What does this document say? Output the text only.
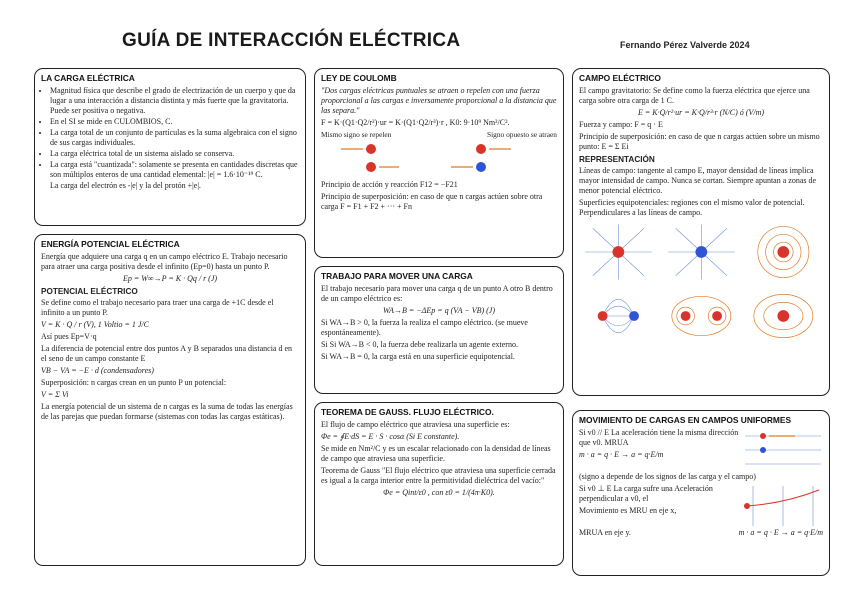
GUÍA DE INTERACCIÓN ELÉCTRICA	Fernando Pérez Valverde 2024
LA CARGA ELÉCTRICA
• Magnitud física que describe el grado de electrización de un cuerpo y que da lugar a una interacción a distancia distinta y más fuerte que la gravitatoria. Puede ser positiva o negativa.
• En el SI se mide en CULOMBIOS, C.
• La carga total de un conjunto de partículas es la suma algebraica con el signo de sus cargas individuales.
• La carga eléctrica total de un sistema aislado se conserva.
• La carga está "cuantizada": solamente se presenta en cantidades discretas que son múltiplos enteros de una cantidad elemental: |e| = 1.6·10⁻¹⁹ C.

La carga del electrón es -|e| y la del protón +|e|.

ENERGÍA POTENCIAL ELÉCTRICA

Energía que adquiere una carga q en un campo eléctrico E. Trabajo necesario para atraer una carga positiva desde el infinito (Ep=0) hasta un punto P.

Ep = W∞→P = K · Qq / r (J)

POTENCIAL ELÉCTRICO

Se define como el trabajo necesario para traer una carga de +1C desde el infinito a un punto P.

V = K · Q / r (V), 1 Voltio = 1 J/C

Así pues Ep=V·q

La diferencia de potencial entre dos puntos A y B separados una distancia d en el seno de un campo constante E

VB − VA = −E · d (condensadores)

Superposición: n cargas crean en un punto P un potencial:

V = Σ Vi

La energía potencial de un sistema de n cargas es la suma de todas las energías de las parejas que puedan formarse (sistemas con todas las cargas estáticas).

LEY DE COULOMB

"Dos cargas eléctricas puntuales se atraen o repelen con una fuerza proporcional a las cargas e inversamente proporcional a la distancia que las separa."

F = K·(Q1·Q2/r²)·ur = K·(Q1·Q2/r³)·r , K0: 9·10⁹ Nm²/C².

Mismo signo se repelen	Signo opuesto se atraen

Principio de acción y reacción F12 = −F21

Principio de superposición: en caso de que n cargas actúen sobre otra carga F = F1 + F2 + ··· + Fn

TRABAJO PARA MOVER UNA CARGA

El trabajo necesario para mover una carga q de un punto A otro B dentro de un campo eléctrico es:

WA→B = −ΔEp = q (VA − VB) (J)

Si WA→B > 0, la fuerza la realiza el campo eléctrico. (se mueve espontáneamente).

Si Si WA→B < 0, la fuerza debe realizarla un agente externo.

Si WA→B = 0, la carga está en una superficie equipotencial.

TEOREMA DE GAUSS. FLUJO ELÉCTRICO.

El flujo de campo eléctrico que atraviesa una superficie es:

Φe = ∮E·dS = E · S · cosα (Si E constante).

Se mide en Nm²/C y es un escalar relacionado con la densidad de líneas de campo que atraviesa una superficie.

Teorema de Gauss "El flujo eléctrico que atraviesa una superficie cerrada es igual a la carga interior entre la permitividad dieléctrica del vacío:"

Φe = Qint/ε0 , con ε0 = 1/(4π·K0).

CAMPO ELÉCTRICO

El campo gravitatorio: Se define como la fuerza eléctrica que ejerce una carga sobre otra carga de 1 C.

E = K·Q/r²·ur = K·Q/r³·r (N/C) ó (V/m)

Fuerza y campo: F = q · E

Principio de superposición: en caso de que n cargas actúen sobre un mismo punto: E = Σ Ei

REPRESENTACIÓN

Líneas de campo: tangente al campo E, mayor densidad de líneas implica mayor intensidad de campo. Nunca se cortan. Siempre apuntan a zonas de menor potencial eléctrico.

Superficies equipotenciales: regiones con el mismo valor de potencial. Perpendiculares a las líneas de campo.

MOVIMIENTO DE CARGAS EN CAMPOS UNIFORMES

Si v0 // E La aceleración tiene la misma dirección que v0. MRUA

m · a = q · E → a = q·E/m

(signo a depende de los signos de las carga y el campo)

Si v0 ⊥ E La carga sufre una Aceleración perpendicular a v0, el

Movimiento es MRU en eje x,

MRUA en eje y.	m · a = q · E → a = q·E/m
